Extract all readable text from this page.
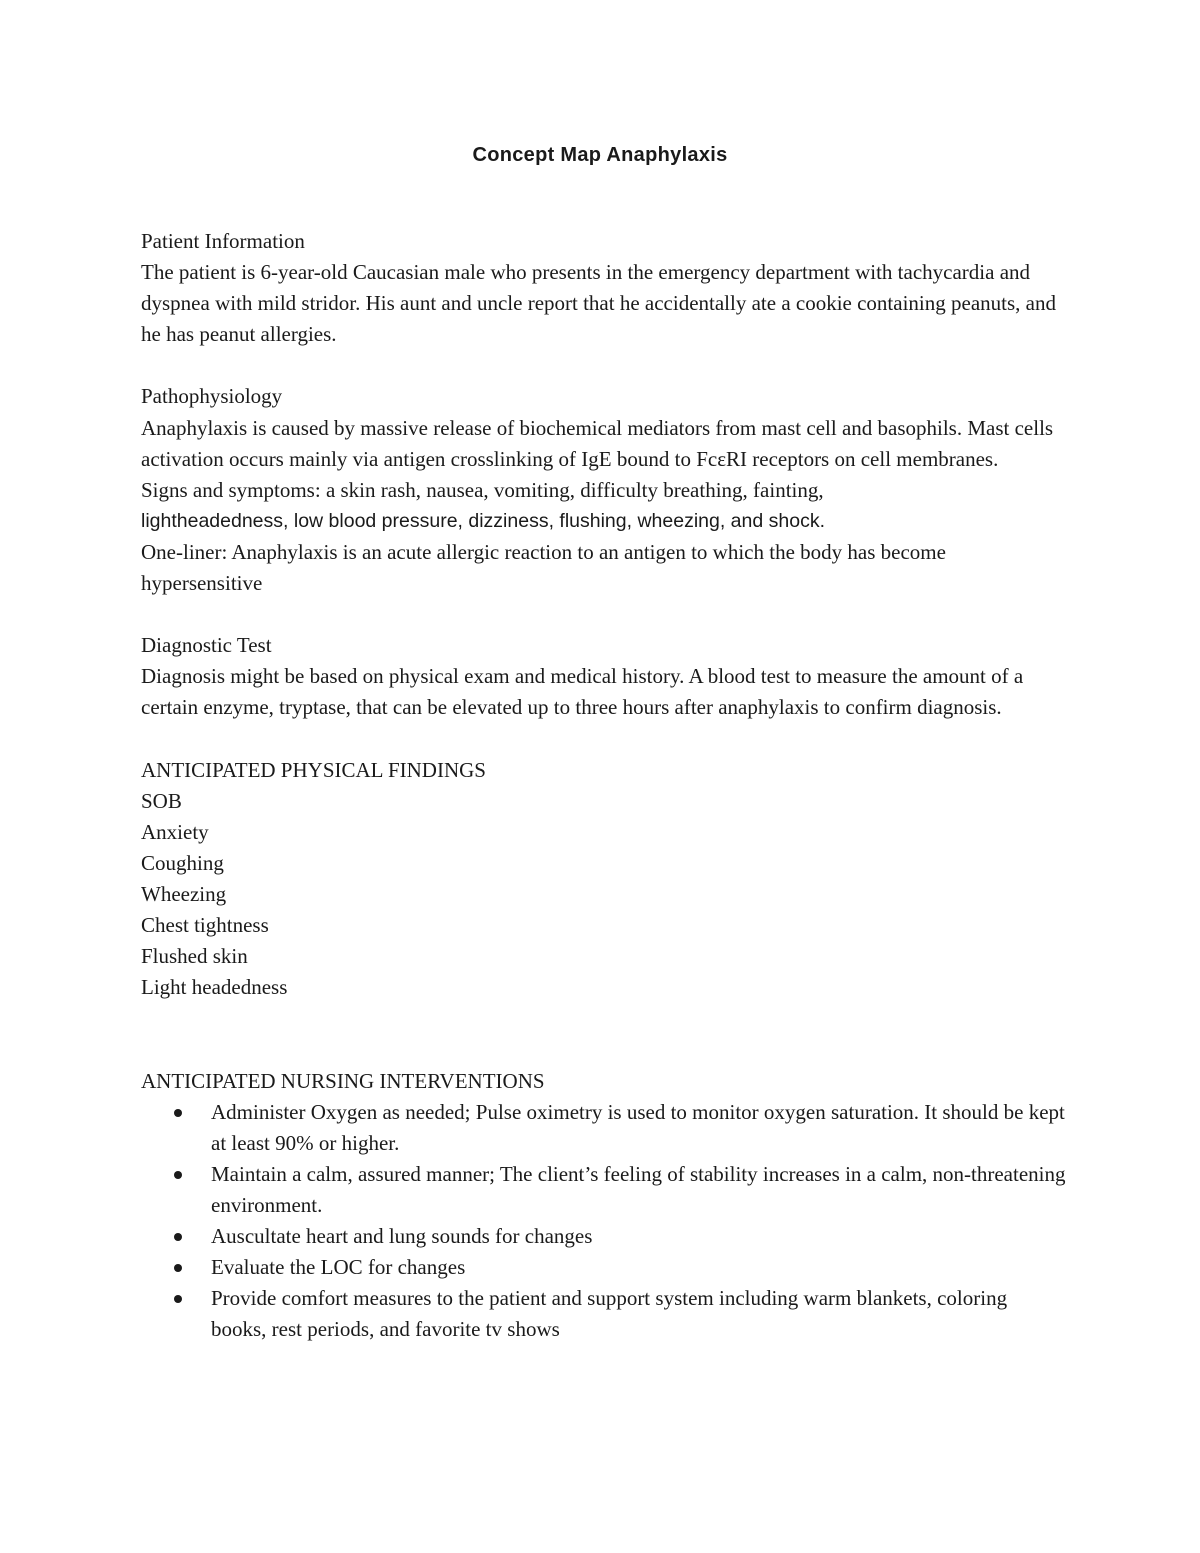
Concept Map Anaphylaxis

Patient Information

The patient is 6-year-old Caucasian male who presents in the emergency department with tachycardia and dyspnea with mild stridor. His aunt and uncle report that he accidentally ate a cookie containing peanuts, and he has peanut allergies.

Pathophysiology

Anaphylaxis is caused by massive release of biochemical mediators from mast cell and basophils. Mast cells activation occurs mainly via antigen crosslinking of IgE bound to FcεRI receptors on cell membranes.

Signs and symptoms: a skin rash, nausea, vomiting, difficulty breathing, fainting,

lightheadedness, low blood pressure, dizziness, flushing, wheezing, and shock.

One-liner: Anaphylaxis is an acute allergic reaction to an antigen to which the body has become hypersensitive

Diagnostic Test

Diagnosis might be based on physical exam and medical history. A blood test to measure the amount of a certain enzyme, tryptase, that can be elevated up to three hours after anaphylaxis to confirm diagnosis.

ANTICIPATED PHYSICAL FINDINGS

SOB

Anxiety

Coughing

Wheezing

Chest tightness

Flushed skin

Light headedness

ANTICIPATED NURSING INTERVENTIONS

Administer Oxygen as needed; Pulse oximetry is used to monitor oxygen saturation. It should be kept at least 90% or higher.
Maintain a calm, assured manner; The client’s feeling of stability increases in a calm, non-threatening environment.
Auscultate heart and lung sounds for changes
Evaluate the LOC for changes
Provide comfort measures to the patient and support system including warm blankets, coloring books, rest periods, and favorite tv shows
